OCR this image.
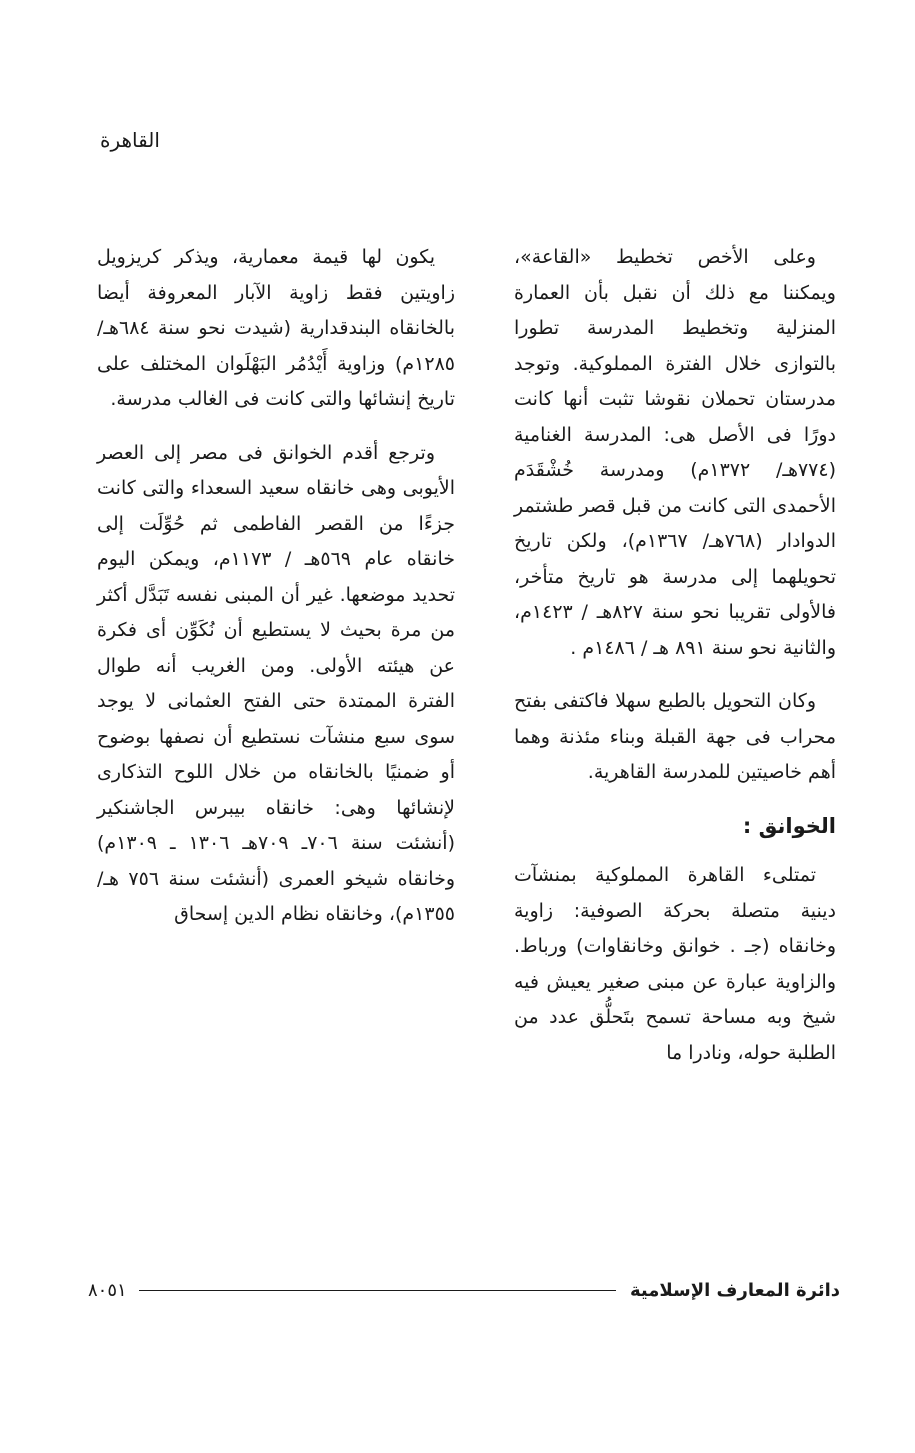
القاهرة

وعلى الأخص تخطيط «القاعة»، ويمكننا مع ذلك أن نقبل بأن العمارة المنزلية وتخطيط المدرسة تطورا بالتوازى خلال الفترة المملوكية. وتوجد مدرستان تحملان نقوشا تثبت أنها كانت دورًا فى الأصل هى: المدرسة الغنامية (٧٧٤هـ/ ١٣٧٢م) ومدرسة خُشْقَدَم الأحمدى التى كانت من قبل قصر طشتمر الدوادار (٧٦٨هـ/ ١٣٦٧م)، ولكن تاريخ تحويلهما إلى مدرسة هو تاريخ متأخر، فالأولى تقريبا نحو سنة ٨٢٧هـ / ١٤٢٣م، والثانية نحو سنة ٨٩١ هـ / ١٤٨٦م .

وكان التحويل بالطبع سهلا فاكتفى بفتح محراب فى جهة القبلة وبناء مئذنة وهما أهم خاصيتين للمدرسة القاهرية.

الخوانق :

تمتلىء القاهرة المملوكية بمنشآت دينية متصلة بحركة الصوفية: زاوية وخانقاه (جـ . خوانق وخانقاوات) ورباط. والزاوية عبارة عن مبنى صغير يعيش فيه شيخ وبه مساحة تسمح بتَحلُّق عدد من الطلبة حوله، ونادرا ما

يكون لها قيمة معمارية، ويذكر كريزويل زاويتين فقط زاوية الآبار المعروفة أيضا بالخانقاه البندقدارية (شيدت نحو سنة ٦٨٤هـ/ ١٢٨٥م) وزاوية أَيْدُمُر البَهْلَوان المختلف على تاريخ إنشائها والتى كانت فى الغالب مدرسة.

وترجع أقدم الخوانق فى مصر إلى العصر الأيوبى وهى خانقاه سعيد السعداء والتى كانت جزءًا من القصر الفاطمى ثم حُوِّلَت إلى خانقاه عام ٥٦٩هـ / ١١٧٣م، ويمكن اليوم تحديد موضعها. غير أن المبنى نفسه تَبَدَّل أكثر من مرة بحيث لا يستطيع أن نُكَوِّن أى فكرة عن هيئته الأولى. ومن الغريب أنه طوال الفترة الممتدة حتى الفتح العثمانى لا يوجد سوى سبع منشآت نستطيع أن نصفها بوضوح أو ضمنيًا بالخانقاه من خلال اللوح التذكارى لإنشائها وهى: خانقاه بيبرس الجاشنكير (أنشئت سنة ٧٠٦ـ ٧٠٩هـ ١٣٠٦ ـ ١٣٠٩م) وخانقاه شيخو العمرى (أنشئت سنة ٧٥٦ هـ/ ١٣٥٥م)، وخانقاه نظام الدين إسحاق

٨٠٥١	دائرة المعارف الإسلامية
